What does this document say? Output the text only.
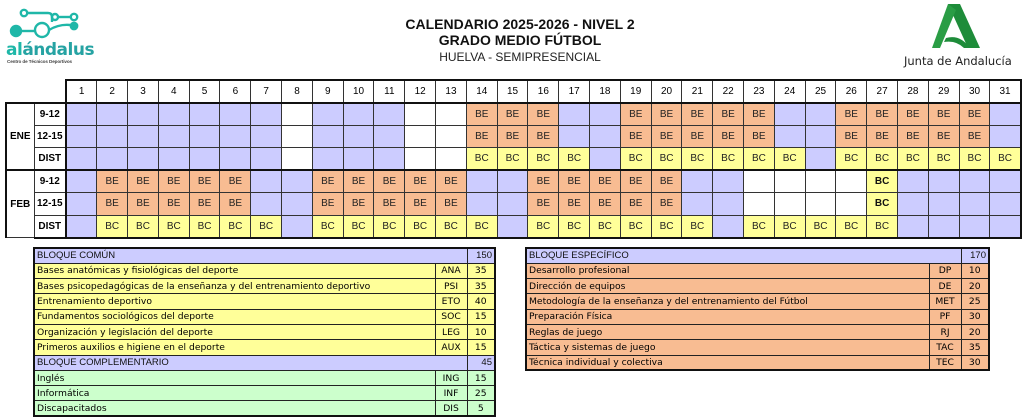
alándalus
Centro de Técnicos Deportivos
CALENDARIO 2025-2026 - NIVEL 2
GRADO MEDIO FÚTBOL
HUELVA - SEMIPRESENCIAL	Junta de Andalucía
		1	2	3	4	5	6	7	8	9	10	11	12	13	14	15	16	17	18	19	20	21	22	23	24	25	26	27	28	29	30	31
ENE	9-12														BE	BE	BE			BE	BE	BE	BE	BE			BE	BE	BE	BE	BE	
	12-15														BE	BE	BE			BE	BE	BE	BE	BE			BE	BE	BE	BE	BE	
	DIST														BC	BC	BC	BC		BC	BC	BC	BC	BC	BC		BC	BC	BC	BC	BC	BC
FEB	9-12		BE	BE	BE	BE	BE			BE	BE	BE	BE	BE			BE	BE	BE	BE	BE							BC				
	12-15		BE	BE	BE	BE	BE			BE	BE	BE	BE	BE			BE	BE	BE	BE	BE							BC				
	DIST		BC	BC	BC	BC	BC	BC		BC	BC	BC	BC	BC	BC		BC	BC	BC	BC	BC	BC		BC	BC	BC	BC	BC				
BLOQUE COMÚN		150
Bases anatómicas y fisiológicas del deporte	ANA	35
Bases psicopedagógicas de la enseñanza y del entrenamiento deportivo	PSI	35
Entrenamiento deportivo	ETO	40
Fundamentos sociológicos del deporte	SOC	15
Organización y legislación del deporte	LEG	10
Primeros auxilios e higiene en el deporte	AUX	15
BLOQUE COMPLEMENTARIO		45
Inglés	ING	15
Informática	INF	25
Discapacitados	DIS	5
BLOQUE ESPECÍFICO		170
Desarrollo profesional	DP	10
Dirección de equipos	DE	20
Metodología de la enseñanza y del entrenamiento del Fútbol	MET	25
Preparación Física	PF	30
Reglas de juego	RJ	20
Táctica y sistemas de juego	TAC	35
Técnica individual y colectiva	TEC	30
